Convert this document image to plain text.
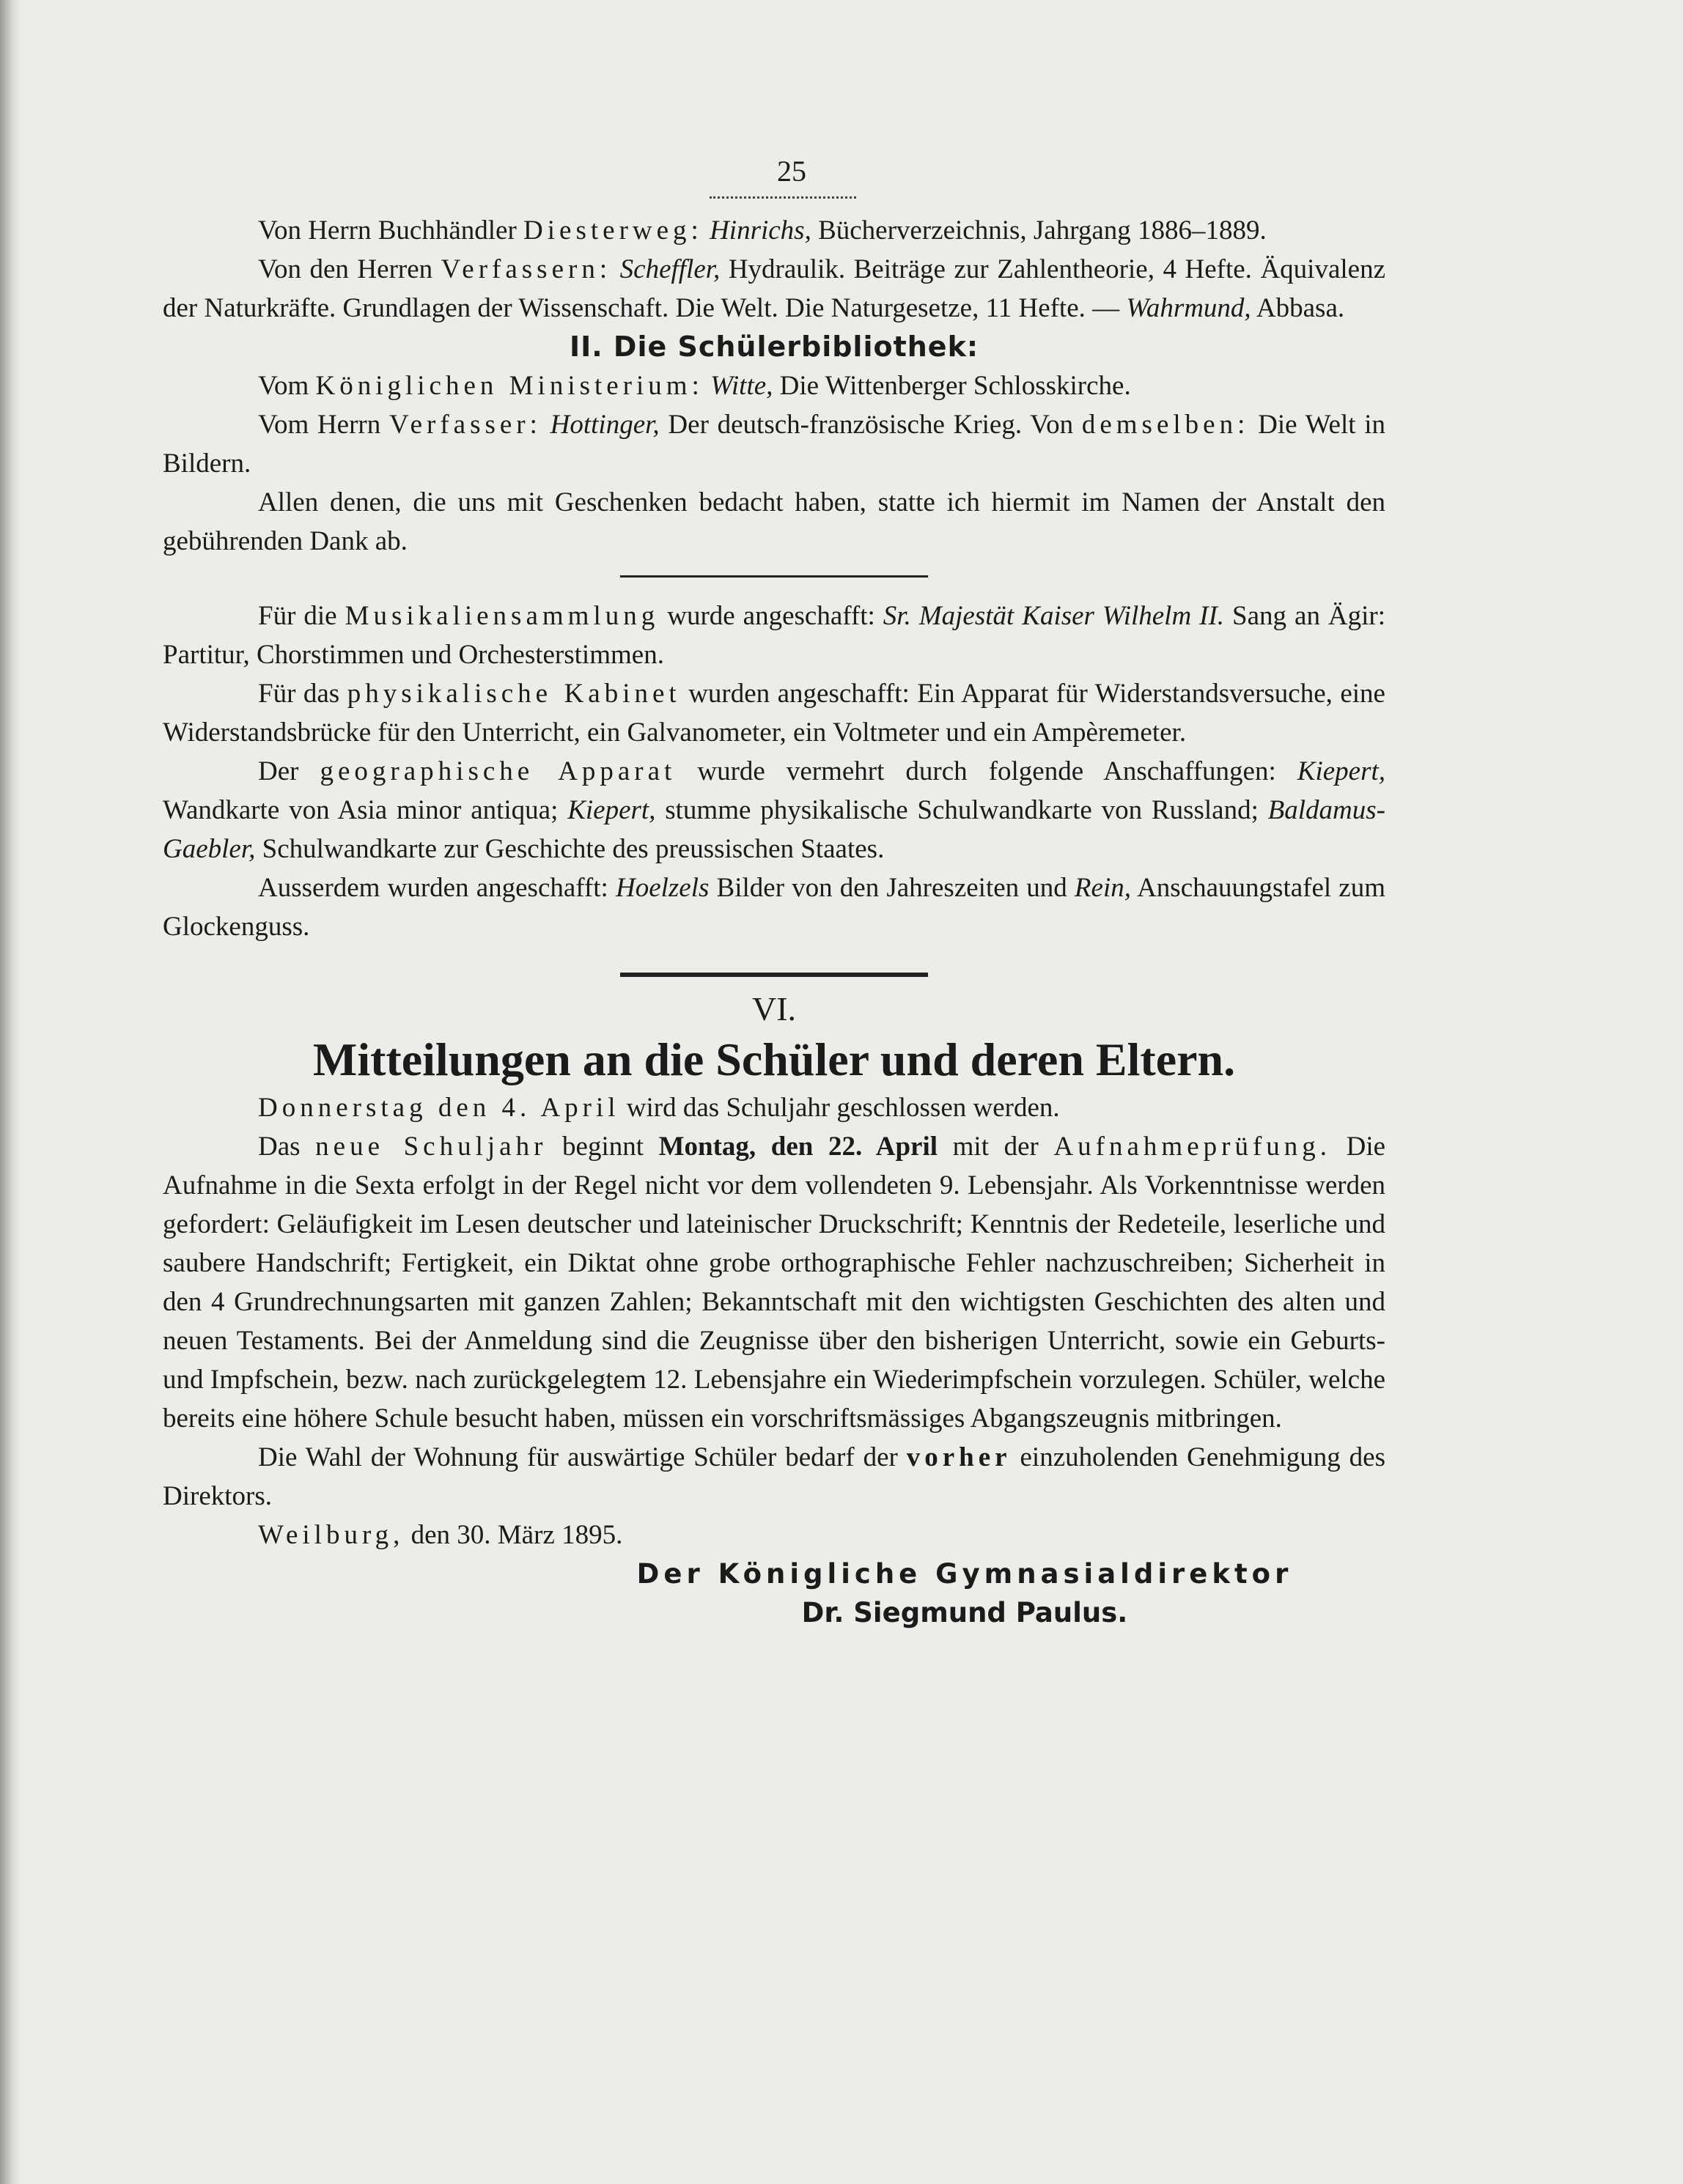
25

Von Herrn Buchhändler Diesterweg: Hinrichs, Bücherverzeichnis, Jahrgang 1886–1889.

Von den Herren Verfassern: Scheffler, Hydraulik. Beiträge zur Zahlentheorie, 4 Hefte. Äquivalenz der Naturkräfte. Grundlagen der Wissenschaft. Die Welt. Die Naturgesetze, 11 Hefte. — Wahrmund, Abbasa.

II. Die Schülerbibliothek:

Vom Königlichen Ministerium: Witte, Die Wittenberger Schlosskirche.

Vom Herrn Verfasser: Hottinger, Der deutsch-französische Krieg. Von demselben: Die Welt in Bildern.

Allen denen, die uns mit Geschenken bedacht haben, statte ich hiermit im Namen der Anstalt den gebührenden Dank ab.

Für die Musikaliensammlung wurde angeschafft: Sr. Majestät Kaiser Wilhelm II. Sang an Ägir: Partitur, Chorstimmen und Orchesterstimmen.

Für das physikalische Kabinet wurden angeschafft: Ein Apparat für Widerstandsversuche, eine Widerstandsbrücke für den Unterricht, ein Galvanometer, ein Voltmeter und ein Ampèremeter.

Der geographische Apparat wurde vermehrt durch folgende Anschaffungen: Kiepert, Wandkarte von Asia minor antiqua; Kiepert, stumme physikalische Schulwandkarte von Russland; Baldamus-Gaebler, Schulwandkarte zur Geschichte des preussischen Staates.

Ausserdem wurden angeschafft: Hoelzels Bilder von den Jahreszeiten und Rein, Anschauungstafel zum Glockenguss.

VI.

Mitteilungen an die Schüler und deren Eltern.

Donnerstag den 4. April wird das Schuljahr geschlossen werden.

Das neue Schuljahr beginnt Montag, den 22. April mit der Aufnahmeprüfung. Die Aufnahme in die Sexta erfolgt in der Regel nicht vor dem vollendeten 9. Lebensjahr. Als Vorkenntnisse werden gefordert: Geläufigkeit im Lesen deutscher und lateinischer Druckschrift; Kenntnis der Redeteile, leserliche und saubere Handschrift; Fertigkeit, ein Diktat ohne grobe orthographische Fehler nachzuschreiben; Sicherheit in den 4 Grundrechnungsarten mit ganzen Zahlen; Bekanntschaft mit den wichtigsten Geschichten des alten und neuen Testaments. Bei der Anmeldung sind die Zeugnisse über den bisherigen Unterricht, sowie ein Geburts- und Impfschein, bezw. nach zurückgelegtem 12. Lebensjahre ein Wiederimpfschein vorzulegen. Schüler, welche bereits eine höhere Schule besucht haben, müssen ein vorschriftsmässiges Abgangszeugnis mitbringen.

Die Wahl der Wohnung für auswärtige Schüler bedarf der vorher einzuholenden Genehmigung des Direktors.

Weilburg, den 30. März 1895.

Der Königliche Gymnasialdirektor

Dr. Siegmund Paulus.
